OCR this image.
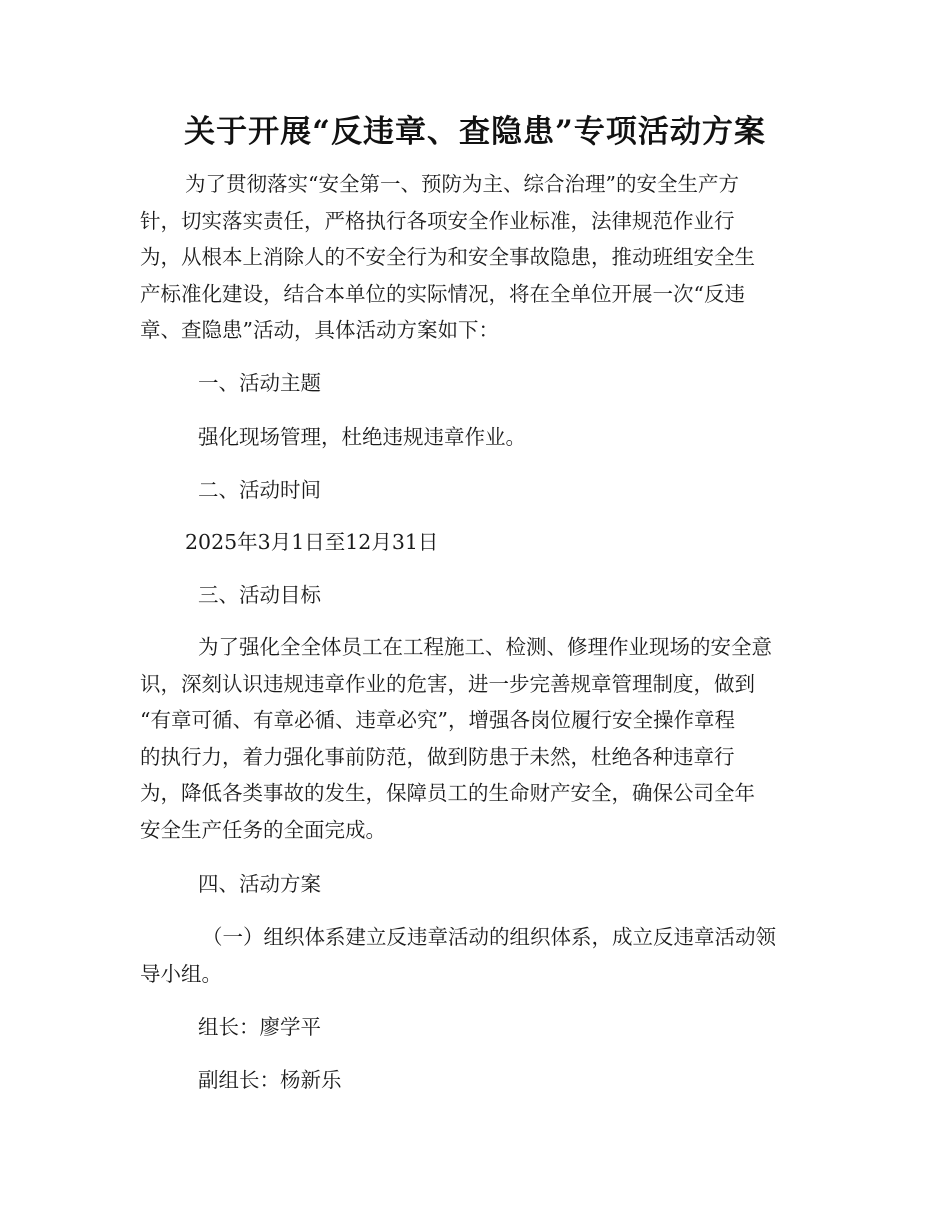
关于开展“反违章、查隐患”专项活动方案
为了贯彻落实“安全第一、预防为主、综合治理”的安全生产方
针，切实落实责任，严格执行各项安全作业标准，法律规范作业行
为，从根本上消除人的不安全行为和安全事故隐患，推动班组安全生
产标准化建设，结合本单位的实际情况，将在全单位开展一次“反违
章、查隐患”活动，具体活动方案如下：
一、活动主题
强化现场管理，杜绝违规违章作业。
二、活动时间
2025年3月1日至12月31日
三、活动目标
为了强化全全体员工在工程施工、检测、修理作业现场的安全意
识，深刻认识违规违章作业的危害，进一步完善规章管理制度，做到
“有章可循、有章必循、违章必究”，增强各岗位履行安全操作章程
的执行力，着力强化事前防范，做到防患于未然，杜绝各种违章行
为，降低各类事故的发生，保障员工的生命财产安全，确保公司全年
安全生产任务的全面完成。
四、活动方案
（一）组织体系建立反违章活动的组织体系，成立反违章活动领
导小组。
组长：廖学平
副组长：杨新乐
